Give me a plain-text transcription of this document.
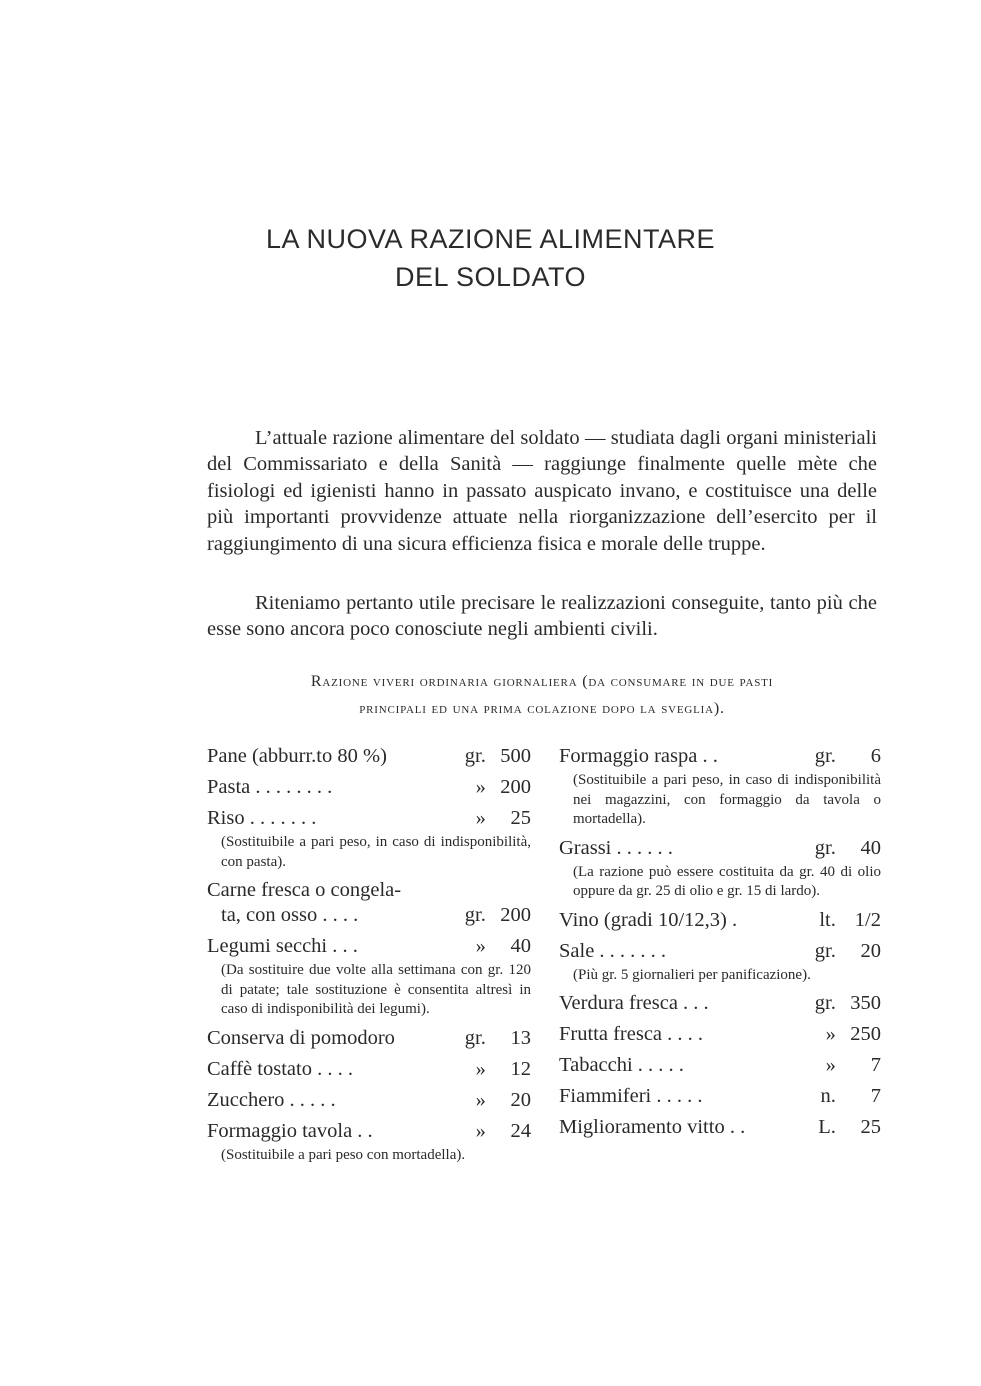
LA NUOVA RAZIONE ALIMENTARE
DEL SOLDATO
L’attuale razione alimentare del soldato — studiata dagli organi ministeriali del Commissariato e della Sanità — raggiunge finalmente quelle mète che fisiologi ed igienisti hanno in passato auspicato invano, e costituisce una delle più importanti provvidenze attuate nella riorganizzazione dell’esercito per il raggiungimento di una sicura efficienza fisica e morale delle truppe.
Riteniamo pertanto utile precisare le realizzazioni conseguite, tanto più che esse sono ancora poco conosciute negli ambienti civili.
Razione viveri ordinaria giornaliera (da consumare in due pasti
principali ed una prima colazione dopo la sveglia).
Pane (abburr.to 80 %)	gr. 500
Pasta . . . . . . . .	» 200
Riso . . . . . . .	» 25
(Sostituibile a pari peso, in caso di indisponibilità, con pasta).
Carne fresca o congela-
ta, con osso . . . .	gr. 200
Legumi secchi . . .	» 40
(Da sostituire due volte alla settimana con gr. 120 di patate; tale sostituzione è consentita altresì in caso di indisponibilità dei legumi).
Conserva di pomodoro	gr. 13
Caffè tostato . . . .	» 12
Zucchero . . . . .	» 20
Formaggio tavola . .	» 24
(Sostituibile a pari peso con mortadella).
Formaggio raspa . .	gr. 6
(Sostituibile a pari peso, in caso di indisponibilità nei magazzini, con formaggio da tavola o mortadella).
Grassi . . . . . .	gr. 40
(La razione può essere costituita da gr. 40 di olio oppure da gr. 25 di olio e gr. 15 di lardo).
Vino (gradi 10/12,3) .	lt. 1/2
Sale . . . . . . .	gr. 20
(Più gr. 5 giornalieri per panificazione).
Verdura fresca . . .	gr. 350
Frutta fresca . . . .	» 250
Tabacchi . . . . .	» 7
Fiammiferi . . . . .	n. 7
Miglioramento vitto . .	L. 25
